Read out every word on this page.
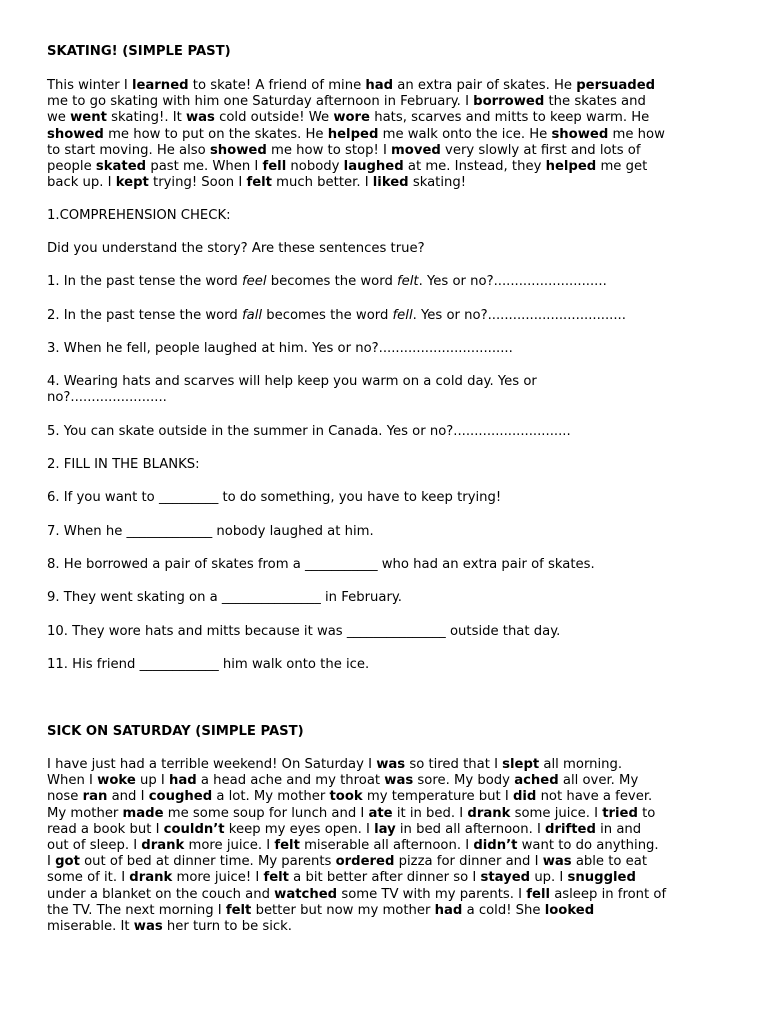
SKATING! (SIMPLE PAST)
This winter I learned to skate! A friend of mine had an extra pair of skates. He persuaded
me to go skating with him one Saturday afternoon in February. I borrowed the skates and
we went skating!. It was cold outside! We wore hats, scarves and mitts to keep warm. He
showed me how to put on the skates. He helped me walk onto the ice. He showed me how
to start moving. He also showed me how to stop! I moved very slowly at first and lots of
people skated past me. When I fell nobody laughed at me. Instead, they helped me get
back up. I kept trying! Soon I felt much better. I liked skating!
1.COMPREHENSION CHECK:
Did you understand the story? Are these sentences true?
1. In the past tense the word feel becomes the word felt. Yes or no?...........................
2. In the past tense the word fall becomes the word fell. Yes or no?.................................
3. When he fell, people laughed at him. Yes or no?................................
4. Wearing hats and scarves will help keep you warm on a cold day. Yes or
no?.......................
5. You can skate outside in the summer in Canada. Yes or no?............................
2. FILL IN THE BLANKS:
6. If you want to _________ to do something, you have to keep trying!
7. When he _____________ nobody laughed at him.
8. He borrowed a pair of skates from a ___________ who had an extra pair of skates.
9. They went skating on a _______________ in February.
10. They wore hats and mitts because it was _______________ outside that day.
11. His friend ____________ him walk onto the ice.
SICK ON SATURDAY (SIMPLE PAST)
I have just had a terrible weekend! On Saturday I was so tired that I slept all morning.
When I woke up I had a head ache and my throat was sore. My body ached all over. My
nose ran and I coughed a lot. My mother took my temperature but I did not have a fever.
My mother made me some soup for lunch and I ate it in bed. I drank some juice. I tried to
read a book but I couldn’t keep my eyes open. I lay in bed all afternoon. I drifted in and
out of sleep. I drank more juice. I felt miserable all afternoon. I didn’t want to do anything.
I got out of bed at dinner time. My parents ordered pizza for dinner and I was able to eat
some of it. I drank more juice! I felt a bit better after dinner so I stayed up. I snuggled
under a blanket on the couch and watched some TV with my parents. I fell asleep in front of
the TV. The next morning I felt better but now my mother had a cold! She looked
miserable. It was her turn to be sick.
